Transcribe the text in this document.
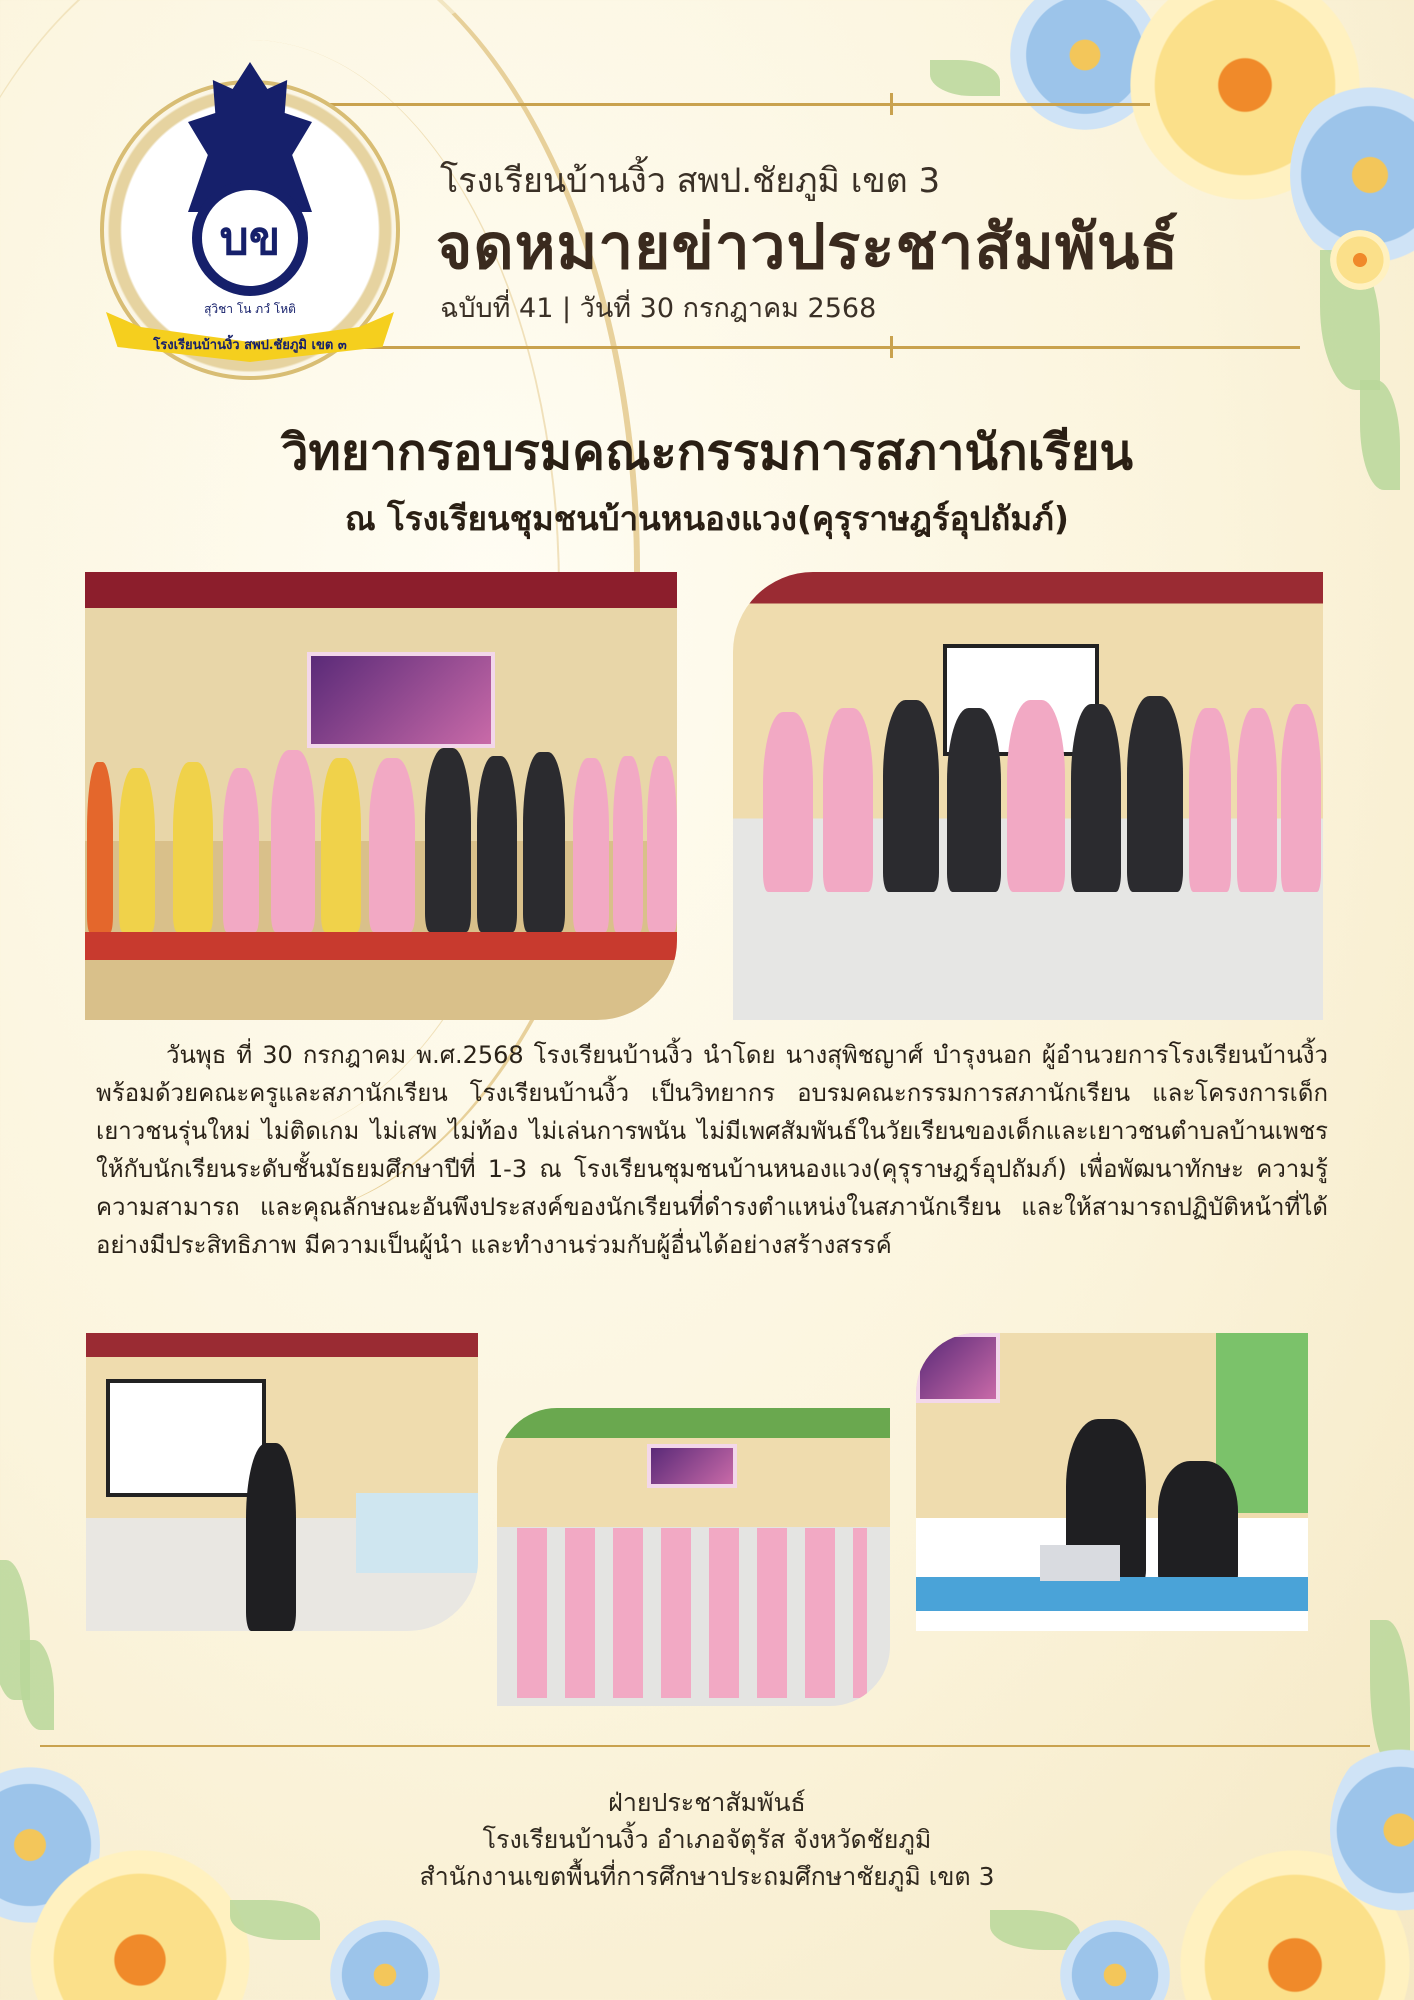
บข
สุวิชา โน ภวํ โหติ
โรงเรียนบ้านงิ้ว สพป.ชัยภูมิ เขต ๓
โรงเรียนบ้านงิ้ว สพป.ชัยภูมิ เขต 3
จดหมายข่าวประชาสัมพันธ์
ฉบับที่ 41 | วันที่ 30 กรกฎาคม 2568
วิทยากรอบรมคณะกรรมการสภานักเรียน
ณ โรงเรียนชุมชนบ้านหนองแวง(คุรุราษฎร์อุปถัมภ์)

วันพุธ ที่ 30 กรกฎาคม พ.ศ.2568 โรงเรียนบ้านงิ้ว นำโดย นางสุพิชญาศ์ บำรุงนอก ผู้อำนวยการโรงเรียนบ้านงิ้ว พร้อมด้วยคณะครูและสภานักเรียน โรงเรียนบ้านงิ้ว เป็นวิทยากร อบรมคณะกรรมการสภานักเรียน และโครงการเด็กเยาวชนรุ่นใหม่ ไม่ติดเกม ไม่เสพ ไม่ท้อง ไม่เล่นการพนัน ไม่มีเพศสัมพันธ์ในวัยเรียนของเด็กและเยาวชนตำบลบ้านเพชร ให้กับนักเรียนระดับชั้นมัธยมศึกษาปีที่ 1-3 ณ โรงเรียนชุมชนบ้านหนองแวง(คุรุราษฎร์อุปถัมภ์) เพื่อพัฒนาทักษะ ความรู้ ความสามารถ และคุณลักษณะอันพึงประสงค์ของนักเรียนที่ดำรงตำแหน่งในสภานักเรียน และให้สามารถปฏิบัติหน้าที่ได้อย่างมีประสิทธิภาพ มีความเป็นผู้นำ และทำงานร่วมกับผู้อื่นได้อย่างสร้างสรรค์

ฝ่ายประชาสัมพันธ์
โรงเรียนบ้านงิ้ว อำเภอจัตุรัส จังหวัดชัยภูมิ
สำนักงานเขตพื้นที่การศึกษาประถมศึกษาชัยภูมิ เขต 3
